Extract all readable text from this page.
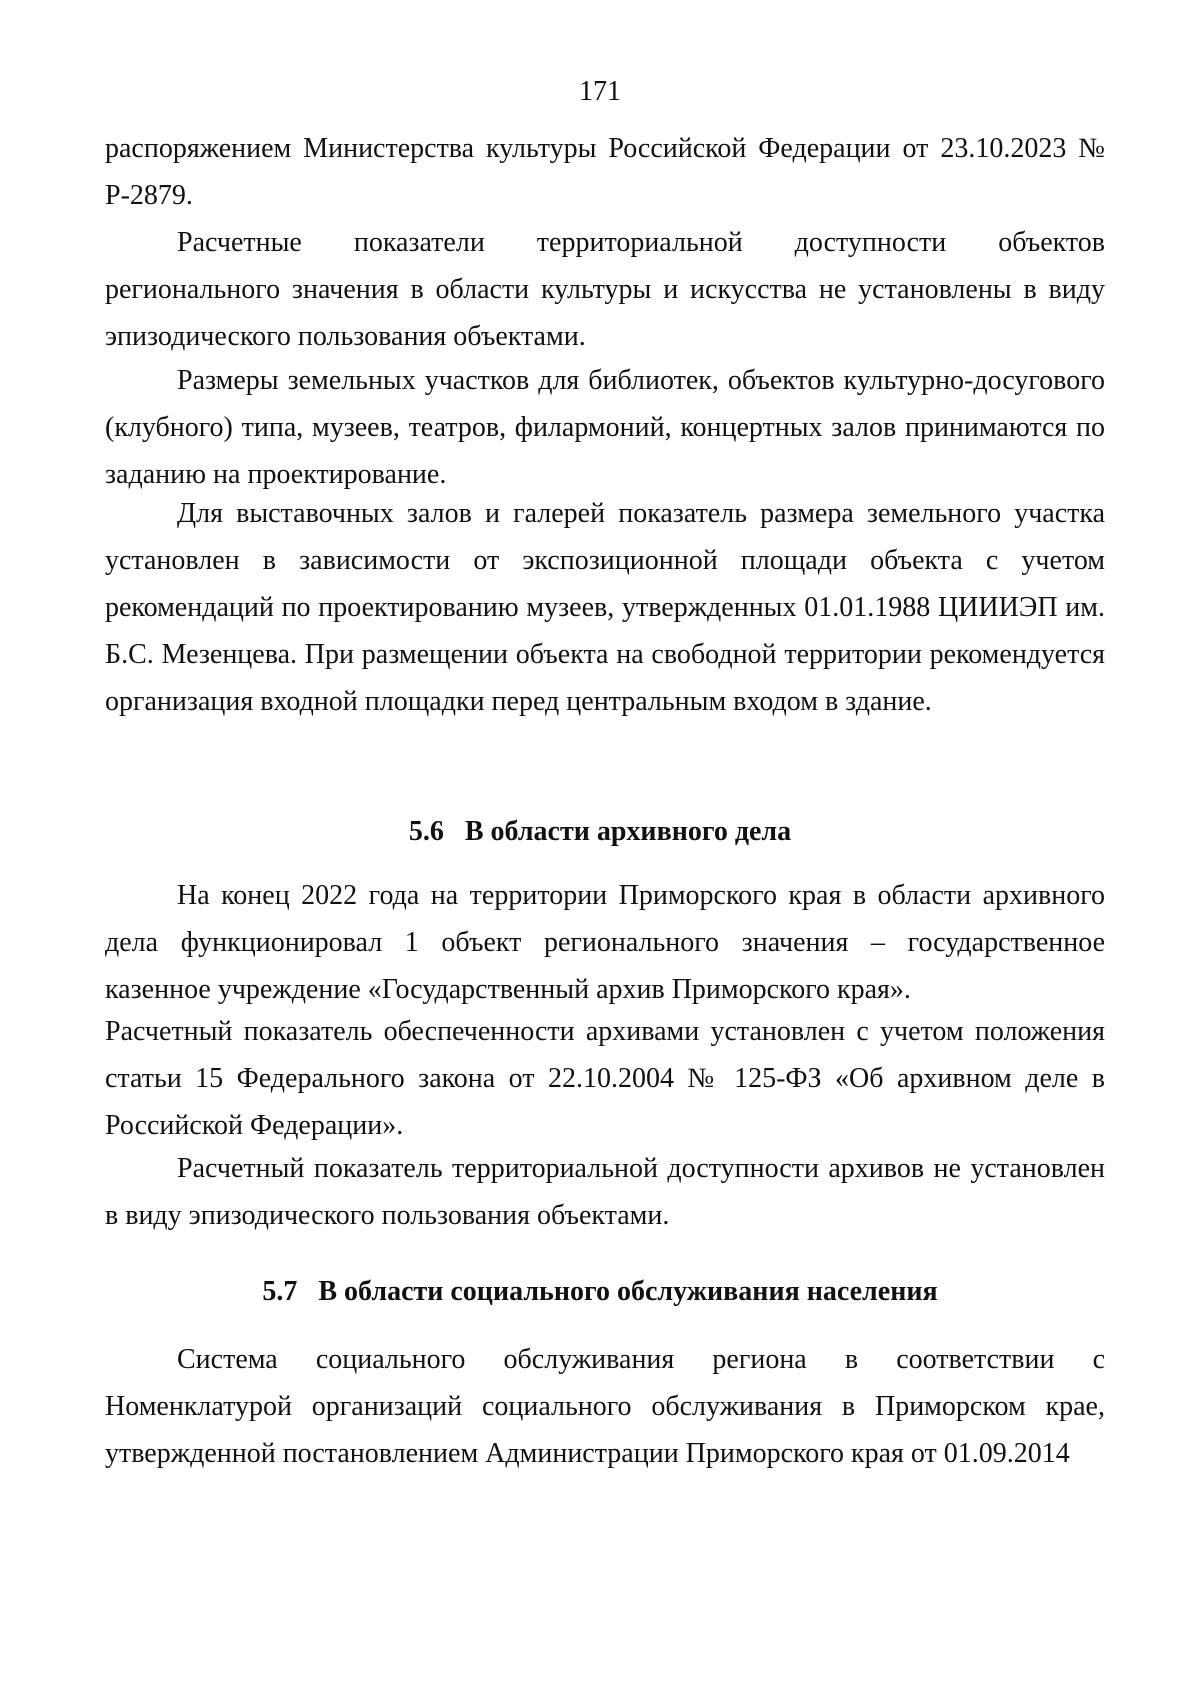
171
распоряжением Министерства культуры Российской Федерации от 23.10.2023 № Р-2879.
Расчетные показатели территориальной доступности объектов регионального значения в области культуры и искусства не установлены в виду эпизодического пользования объектами.
Размеры земельных участков для библиотек, объектов культурно-досугового (клубного) типа, музеев, театров, филармоний, концертных залов принимаются по заданию на проектирование.
Для выставочных залов и галерей показатель размера земельного участка установлен в зависимости от экспозиционной площади объекта с учетом рекомендаций по проектированию музеев, утвержденных 01.01.1988 ЦИИИЭП им. Б.С. Мезенцева. При размещении объекта на свободной территории рекомендуется организация входной площадки перед центральным входом в здание.
5.6   В области архивного дела
На конец 2022 года на территории Приморского края в области архивного дела функционировал 1 объект регионального значения – государственное казенное учреждение «Государственный архив Приморского края».
Расчетный показатель обеспеченности архивами установлен с учетом положения статьи 15 Федерального закона от 22.10.2004 № 125-ФЗ «Об архивном деле в Российской Федерации».
Расчетный показатель территориальной доступности архивов не установлен в виду эпизодического пользования объектами.
5.7   В области социального обслуживания населения
Система социального обслуживания региона в соответствии с Номенклатурой организаций социального обслуживания в Приморском крае, утвержденной постановлением Администрации Приморского края от 01.09.2014
